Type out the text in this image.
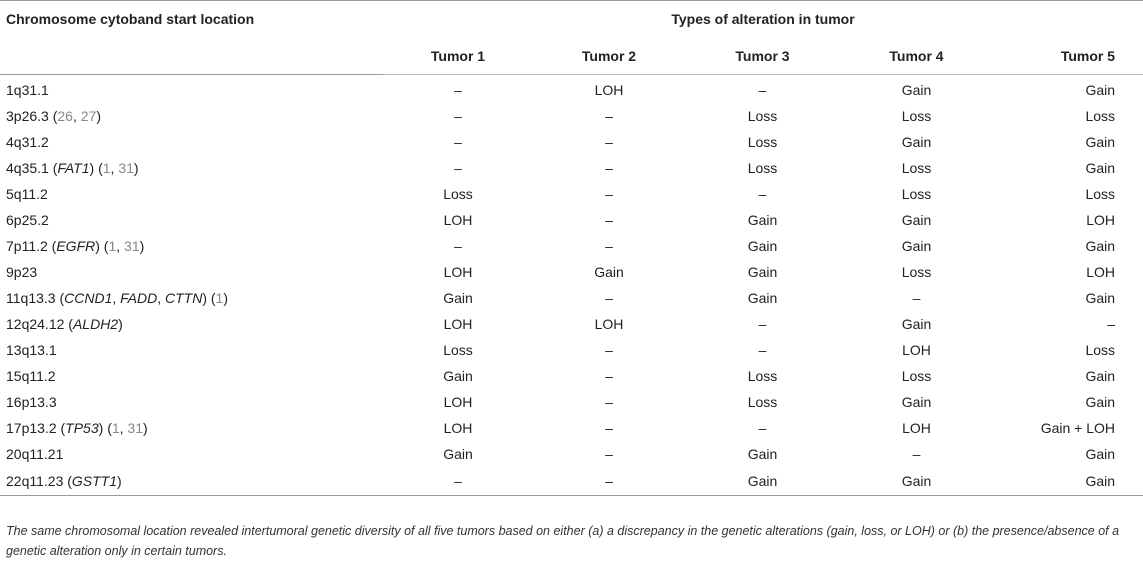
Chromosome cytoband start location	Types of alteration in tumor				
	Tumor 1	Tumor 2	Tumor 3	Tumor 4	Tumor 5
1q31.1	–	LOH	–	Gain	Gain
3p26.3 (26, 27)	–	–	Loss	Loss	Loss
4q31.2	–	–	Loss	Gain	Gain
4q35.1 (FAT1) (1, 31)	–	–	Loss	Loss	Gain
5q11.2	Loss	–	–	Loss	Loss
6p25.2	LOH	–	Gain	Gain	LOH
7p11.2 (EGFR) (1, 31)	–	–	Gain	Gain	Gain
9p23	LOH	Gain	Gain	Loss	LOH
11q13.3 (CCND1, FADD, CTTN) (1)	Gain	–	Gain	–	Gain
12q24.12 (ALDH2)	LOH	LOH	–	Gain	–
13q13.1	Loss	–	–	LOH	Loss
15q11.2	Gain	–	Loss	Loss	Gain
16p13.3	LOH	–	Loss	Gain	Gain
17p13.2 (TP53) (1, 31)	LOH	–	–	LOH	Gain + LOH
20q11.21	Gain	–	Gain	–	Gain
22q11.23 (GSTT1)	–	–	Gain	Gain	Gain
The same chromosomal location revealed intertumoral genetic diversity of all five tumors based on either (a) a discrepancy in the genetic alterations (gain, loss, or LOH) or (b) the presence/absence of a genetic alteration only in certain tumors.
